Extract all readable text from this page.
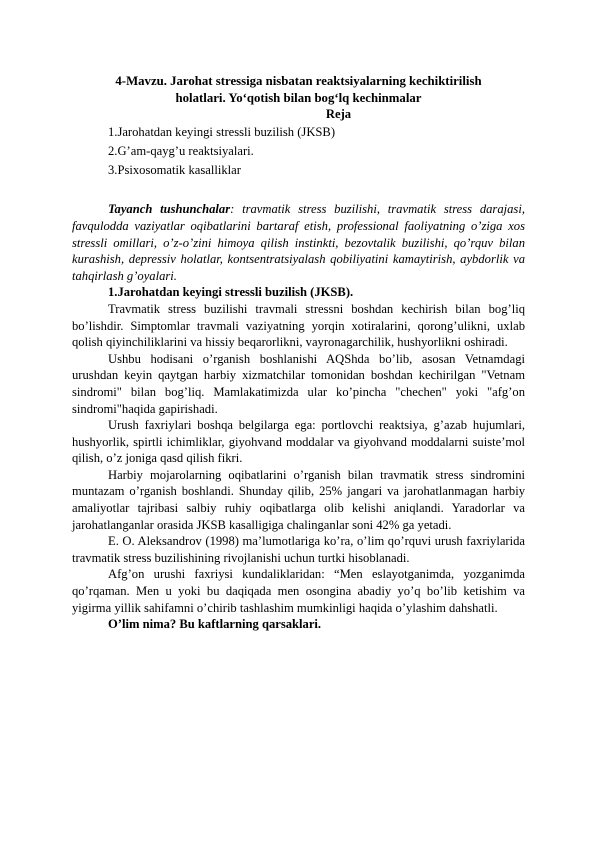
4-Mavzu. Jarohat stressiga nisbatan reaktsiyalarning kechiktirilish
holatlari. Yo‘qotish bilan bog‘lq kechinmalar
Reja
1.Jarohatdan keyingi stressli buzilish (JKSB)
2.G’am-qayg’u reaktsiyalari.
3.Psixosomatik kasalliklar

Tayanch tushunchalar: travmatik stress buzilishi, travmatik stress darajasi, favqulodda vaziyatlar oqibatlarini bartaraf etish, professional faoliyatning o’ziga xos stressli omillari, o’z-o’zini himoya qilish instinkti, bezovtalik buzilishi, qo’rquv bilan kurashish, depressiv holatlar, kontsentratsiyalash qobiliyatini kamaytirish, aybdorlik va tahqirlash g’oyalari.

1.Jarohatdan keyingi stressli buzilish (JKSB).

Travmatik stress buzilishi travmali stressni boshdan kechirish bilan bog’liq bo’lishdir. Simptomlar travmali vaziyatning yorqin xotiralarini, qorong’ulikni, uxlab qolish qiyinchiliklarini va hissiy beqarorlikni, vayronagarchilik, hushyorlikni oshiradi.

Ushbu hodisani o’rganish boshlanishi AQShda bo’lib, asosan Vetnamdagi urushdan keyin qaytgan harbiy xizmatchilar tomonidan boshdan kechirilgan "Vetnam sindromi" bilan bog’liq. Mamlakatimizda ular ko’pincha "chechen" yoki "afg’on sindromi"haqida gapirishadi.

Urush faxriylari boshqa belgilarga ega: portlovchi reaktsiya, g’azab hujumlari, hushyorlik, spirtli ichimliklar, giyohvand moddalar va giyohvand moddalarni suiste’mol qilish, o’z joniga qasd qilish fikri.

Harbiy mojarolarning oqibatlarini o’rganish bilan travmatik stress sindromini muntazam o’rganish boshlandi. Shunday qilib, 25% jangari va jarohatlanmagan harbiy amaliyotlar tajribasi salbiy ruhiy oqibatlarga olib kelishi aniqlandi. Yaradorlar va jarohatlanganlar orasida JKSB kasalligiga chalinganlar soni 42% ga yetadi.

E. O. Aleksandrov (1998) ma’lumotlariga ko’ra, o’lim qo’rquvi urush faxriylarida travmatik stress buzilishining rivojlanishi uchun turtki hisoblanadi.

Afg’on urushi faxriysi kundaliklaridan: “Men eslayotganimda, yozganimda qo’rqaman. Men u yoki bu daqiqada men osongina abadiy yo’q bo’lib ketishim va yigirma yillik sahifamni o’chirib tashlashim mumkinligi haqida o’ylashim dahshatli.

O’lim nima? Bu kaftlarning qarsaklari.
